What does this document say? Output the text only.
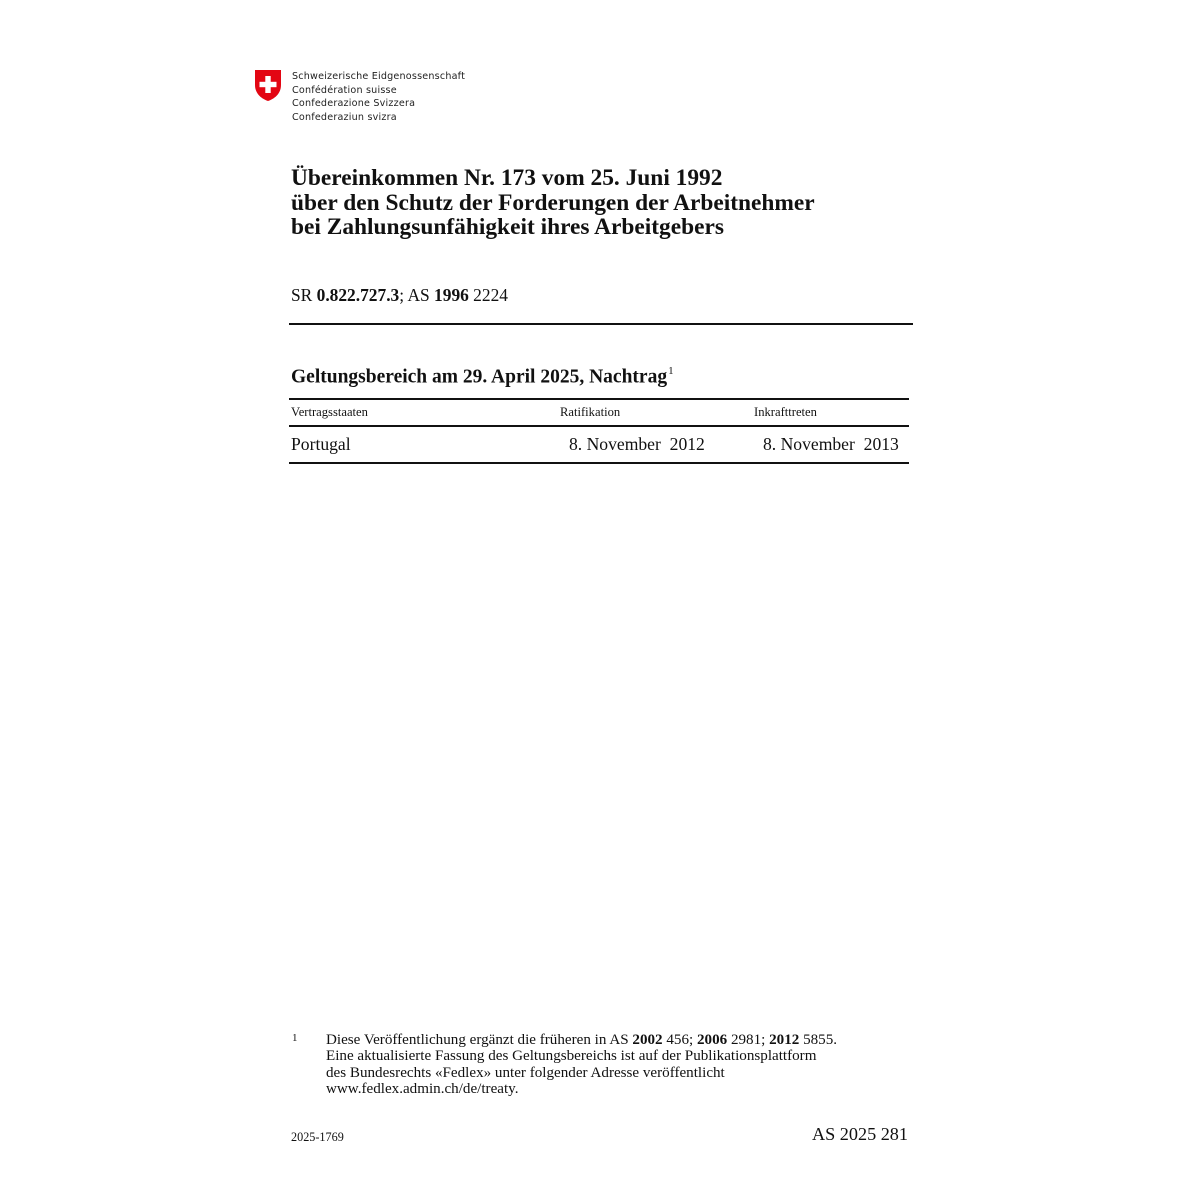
Schweizerische Eidgenossenschaft
Confédération suisse
Confederazione Svizzera
Confederaziun svizra
Übereinkommen Nr. 173 vom 25. Juni 1992
über den Schutz der Forderungen der Arbeitnehmer
bei Zahlungsunfähigkeit ihres Arbeitgebers
SR 0.822.727.3; AS 1996 2224
Geltungsbereich am 29. April 2025, Nachtrag$^1$
Vertragsstaaten	Ratifikation	Inkrafttreten
Portugal	8. November  2012	8. November  2013
1 Diese Veröffentlichung ergänzt die früheren in AS 2002 456; 2006 2981; 2012 5855.
Eine aktualisierte Fassung des Geltungsbereichs ist auf der Publikationsplattform
des Bundesrechts «Fedlex» unter folgender Adresse veröffentlicht
www.fedlex.admin.ch/de/treaty.
2025-1769	AS 2025 281
